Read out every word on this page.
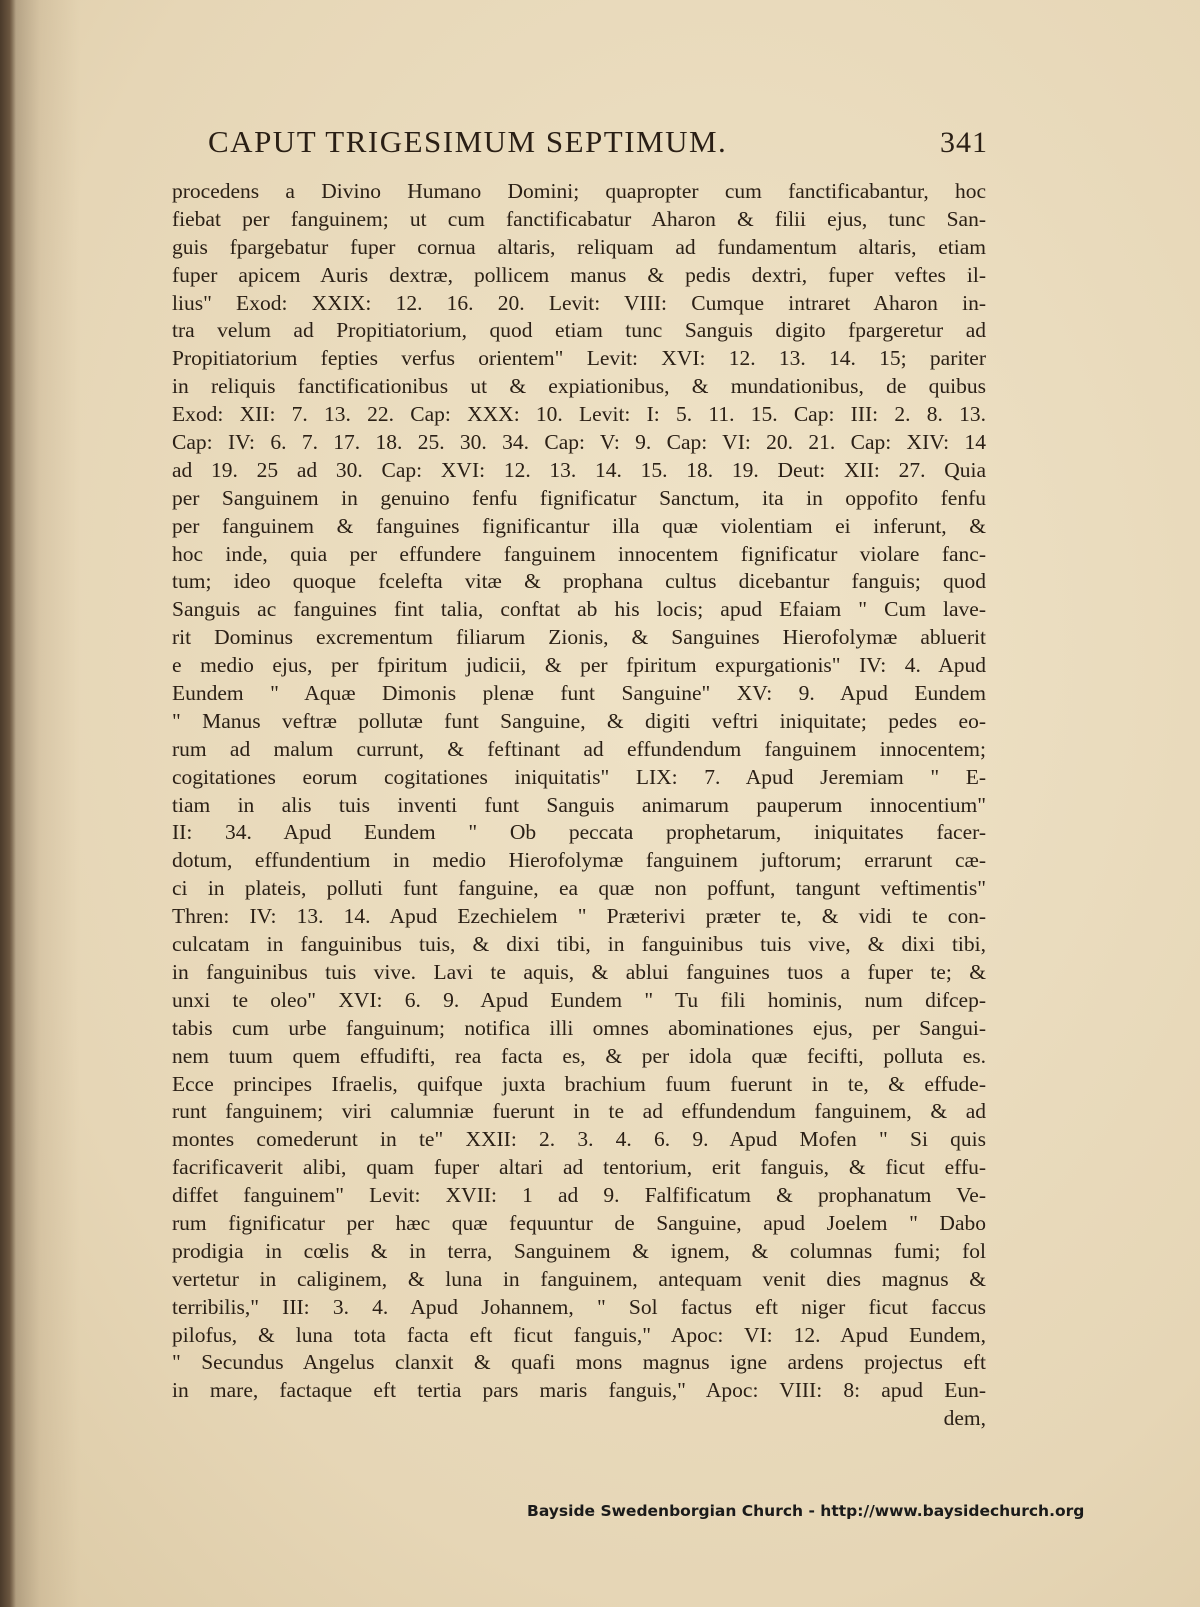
CAPUT TRIGESIMUM SEPTIMUM.	341
procedens a Divino Humano Domini; quapropter cum fanctificabantur, hoc
fiebat per fanguinem; ut cum fanctificabatur Aharon & filii ejus, tunc San-
guis fpargebatur fuper cornua altaris, reliquam ad fundamentum altaris, etiam
fuper apicem Auris dextræ, pollicem manus & pedis dextri, fuper veftes il-
lius" Exod: XXIX: 12. 16. 20. Levit: VIII: Cumque intraret Aharon in-
tra velum ad Propitiatorium, quod etiam tunc Sanguis digito fpargeretur ad
Propitiatorium fepties verfus orientem" Levit: XVI: 12. 13. 14. 15; pariter
in reliquis fanctificationibus ut & expiationibus, & mundationibus, de quibus
Exod: XII: 7. 13. 22. Cap: XXX: 10. Levit: I: 5. 11. 15. Cap: III: 2. 8. 13.
Cap: IV: 6. 7. 17. 18. 25. 30. 34. Cap: V: 9. Cap: VI: 20. 21. Cap: XIV: 14
ad 19. 25 ad 30. Cap: XVI: 12. 13. 14. 15. 18. 19. Deut: XII: 27. Quia
per Sanguinem in genuino fenfu fignificatur Sanctum, ita in oppofito fenfu
per fanguinem & fanguines fignificantur illa quæ violentiam ei inferunt, &
hoc inde, quia per effundere fanguinem innocentem fignificatur violare fanc-
tum; ideo quoque fcelefta vitæ & prophana cultus dicebantur fanguis; quod
Sanguis ac fanguines fint talia, conftat ab his locis; apud Efaiam " Cum lave-
rit Dominus excrementum filiarum Zionis, & Sanguines Hierofolymæ abluerit
e medio ejus, per fpiritum judicii, & per fpiritum expurgationis" IV: 4. Apud
Eundem " Aquæ Dimonis plenæ funt Sanguine" XV: 9. Apud Eundem
" Manus veftræ pollutæ funt Sanguine, & digiti veftri iniquitate; pedes eo-
rum ad malum currunt, & feftinant ad effundendum fanguinem innocentem;
cogitationes eorum cogitationes iniquitatis" LIX: 7. Apud Jeremiam " E-
tiam in alis tuis inventi funt Sanguis animarum pauperum innocentium"
II: 34. Apud Eundem " Ob peccata prophetarum, iniquitates facer-
dotum, effundentium in medio Hierofolymæ fanguinem juftorum; errarunt cæ-
ci in plateis, polluti funt fanguine, ea quæ non poffunt, tangunt veftimentis"
Thren: IV: 13. 14. Apud Ezechielem " Præterivi præter te, & vidi te con-
culcatam in fanguinibus tuis, & dixi tibi, in fanguinibus tuis vive, & dixi tibi,
in fanguinibus tuis vive. Lavi te aquis, & ablui fanguines tuos a fuper te; &
unxi te oleo" XVI: 6. 9. Apud Eundem " Tu fili hominis, num difcep-
tabis cum urbe fanguinum; notifica illi omnes abominationes ejus, per Sangui-
nem tuum quem effudifti, rea facta es, & per idola quæ fecifti, polluta es.
Ecce principes Ifraelis, quifque juxta brachium fuum fuerunt in te, & effude-
runt fanguinem; viri calumniæ fuerunt in te ad effundendum fanguinem, & ad
montes comederunt in te" XXII: 2. 3. 4. 6. 9. Apud Mofen " Si quis
facrificaverit alibi, quam fuper altari ad tentorium, erit fanguis, & ficut effu-
diffet fanguinem" Levit: XVII: 1 ad 9. Falfificatum & prophanatum Ve-
rum fignificatur per hæc quæ fequuntur de Sanguine, apud Joelem " Dabo
prodigia in cœlis & in terra, Sanguinem & ignem, & columnas fumi; fol
vertetur in caliginem, & luna in fanguinem, antequam venit dies magnus &
terribilis," III: 3. 4. Apud Johannem, " Sol factus eft niger ficut faccus
pilofus, & luna tota facta eft ficut fanguis," Apoc: VI: 12. Apud Eundem,
" Secundus Angelus clanxit & quafi mons magnus igne ardens projectus eft
in mare, factaque eft tertia pars maris fanguis," Apoc: VIII: 8: apud Eun-
dem,
Bayside Swedenborgian Church - http://www.baysidechurch.org
